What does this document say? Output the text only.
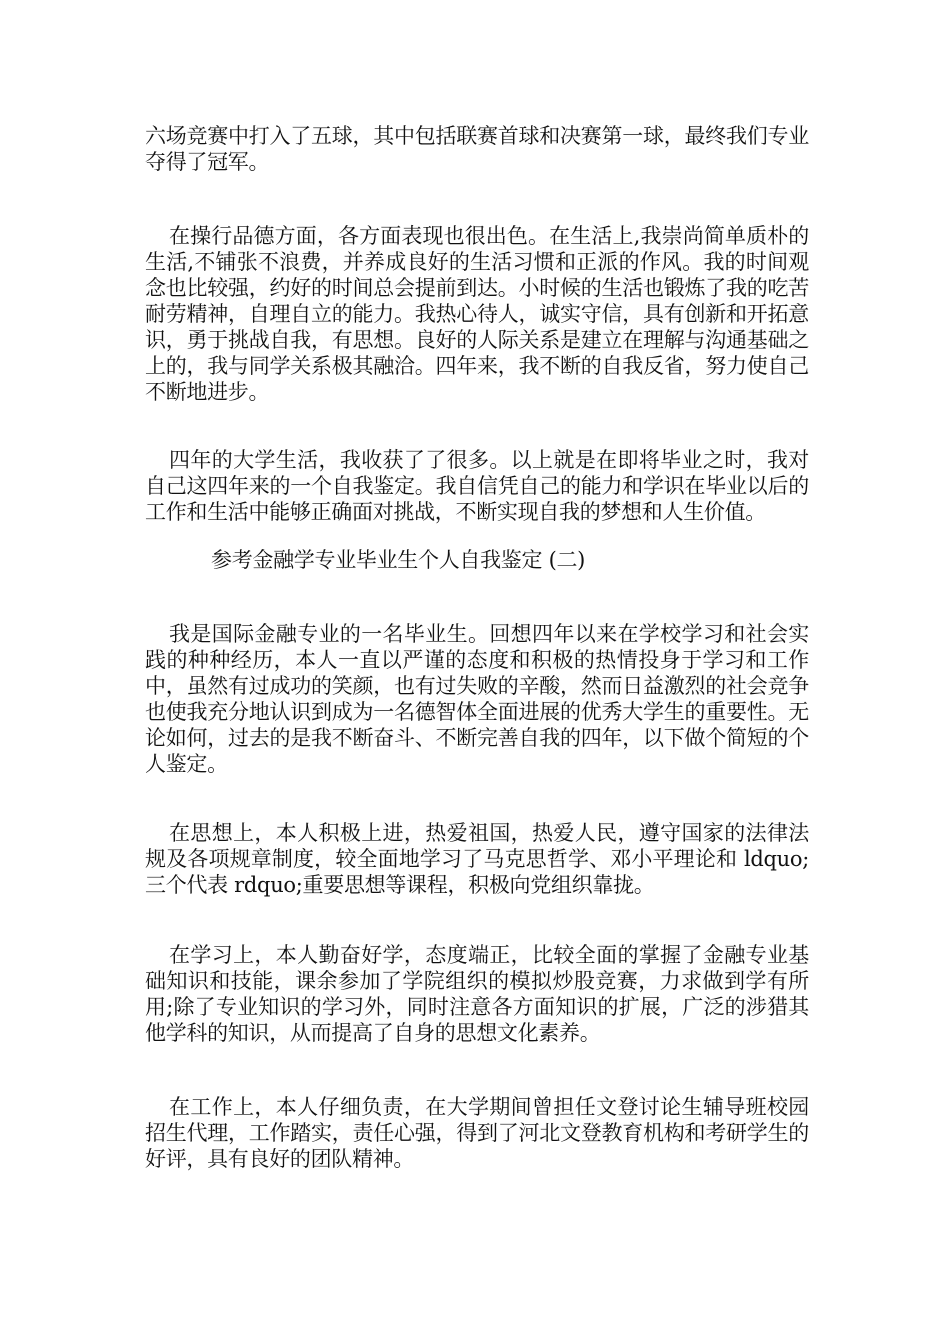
六场竞赛中打入了五球，其中包括联赛首球和决赛第一球，最终我们专业夺得了冠军。

在操行品德方面，各方面表现也很出色。在生活上,我崇尚简单质朴的生活,不铺张不浪费，并养成良好的生活习惯和正派的作风。我的时间观念也比较强，约好的时间总会提前到达。小时候的生活也锻炼了我的吃苦耐劳精神，自理自立的能力。我热心待人，诚实守信，具有创新和开拓意识，勇于挑战自我，有思想。良好的人际关系是建立在理解与沟通基础之上的，我与同学关系极其融洽。四年来，我不断的自我反省，努力使自己不断地进步。

四年的大学生活，我收获了了很多。以上就是在即将毕业之时，我对自己这四年来的一个自我鉴定。我自信凭自己的能力和学识在毕业以后的工作和生活中能够正确面对挑战，不断实现自我的梦想和人生价值。

参考金融学专业毕业生个人自我鉴定 (二)

我是国际金融专业的一名毕业生。回想四年以来在学校学习和社会实践的种种经历，本人一直以严谨的态度和积极的热情投身于学习和工作中，虽然有过成功的笑颜，也有过失败的辛酸，然而日益激烈的社会竞争也使我充分地认识到成为一名德智体全面进展的优秀大学生的重要性。无论如何，过去的是我不断奋斗、不断完善自我的四年，以下做个简短的个人鉴定。

在思想上，本人积极上进，热爱祖国，热爱人民，遵守国家的法律法规及各项规章制度，较全面地学习了马克思哲学、邓小平理论和 ldquo;三个代表 rdquo;重要思想等课程，积极向党组织靠拢。

在学习上，本人勤奋好学，态度端正，比较全面的掌握了金融专业基础知识和技能，课余参加了学院组织的模拟炒股竞赛，力求做到学有所用;除了专业知识的学习外，同时注意各方面知识的扩展，广泛的涉猎其他学科的知识，从而提高了自身的思想文化素养。

在工作上，本人仔细负责，在大学期间曾担任文登讨论生辅导班校园招生代理，工作踏实，责任心强，得到了河北文登教育机构和考研学生的好评，具有良好的团队精神。
